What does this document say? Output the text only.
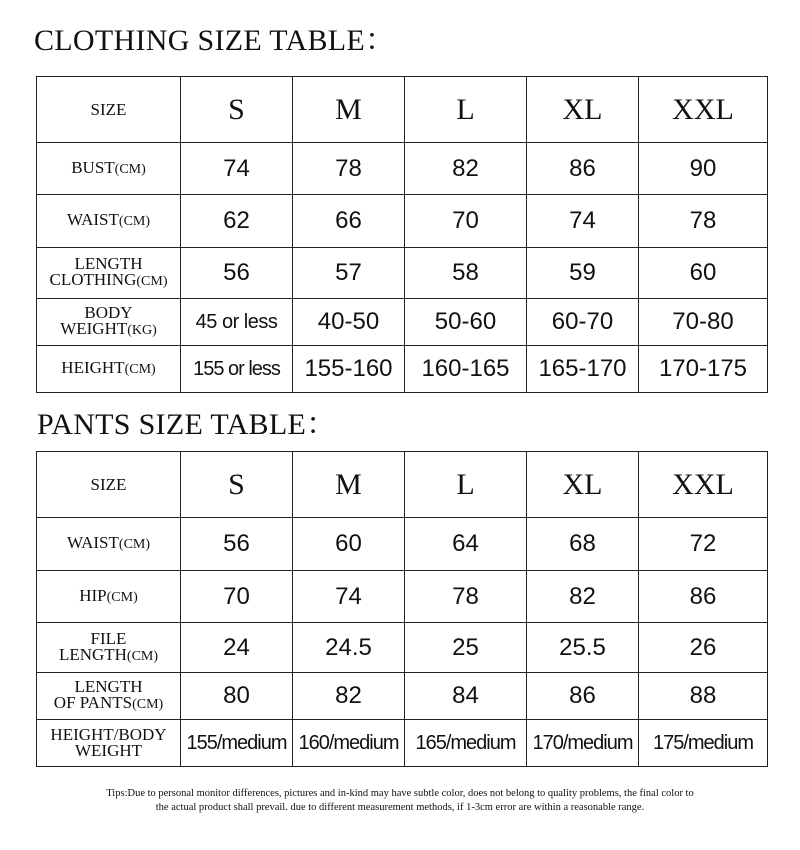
CLOTHING SIZE TABLE：
SIZE	S	M	L	XL	XXL
BUST(CM)	74	78	82	86	90
WAIST(CM)	62	66	70	74	78

LENGTH
CLOTHING(CM)	56	57	58	59	60

BODY
WEIGHT(KG)	45 or less	40-50	50-60	60-70	70-80
HEIGHT(CM)	155 or less	155-160	160-165	165-170	170-175
PANTS SIZE TABLE：
SIZE	S	M	L	XL	XXL
WAIST(CM)	56	60	64	68	72
HIP(CM)	70	74	78	82	86

FILE
LENGTH(CM)	24	24.5	25	25.5	26

LENGTH
OF PANTS(CM)	80	82	84	86	88

HEIGHT/BODY
WEIGHT	155/medium	160/medium	165/medium	170/medium	175/medium
Tips:Due to personal monitor differences, pictures and in-kind may have subtle color, does not belong to quality problems, the final color to
the actual product shall prevail. due to different measurement methods, if 1-3cm error are within a reasonable range.
